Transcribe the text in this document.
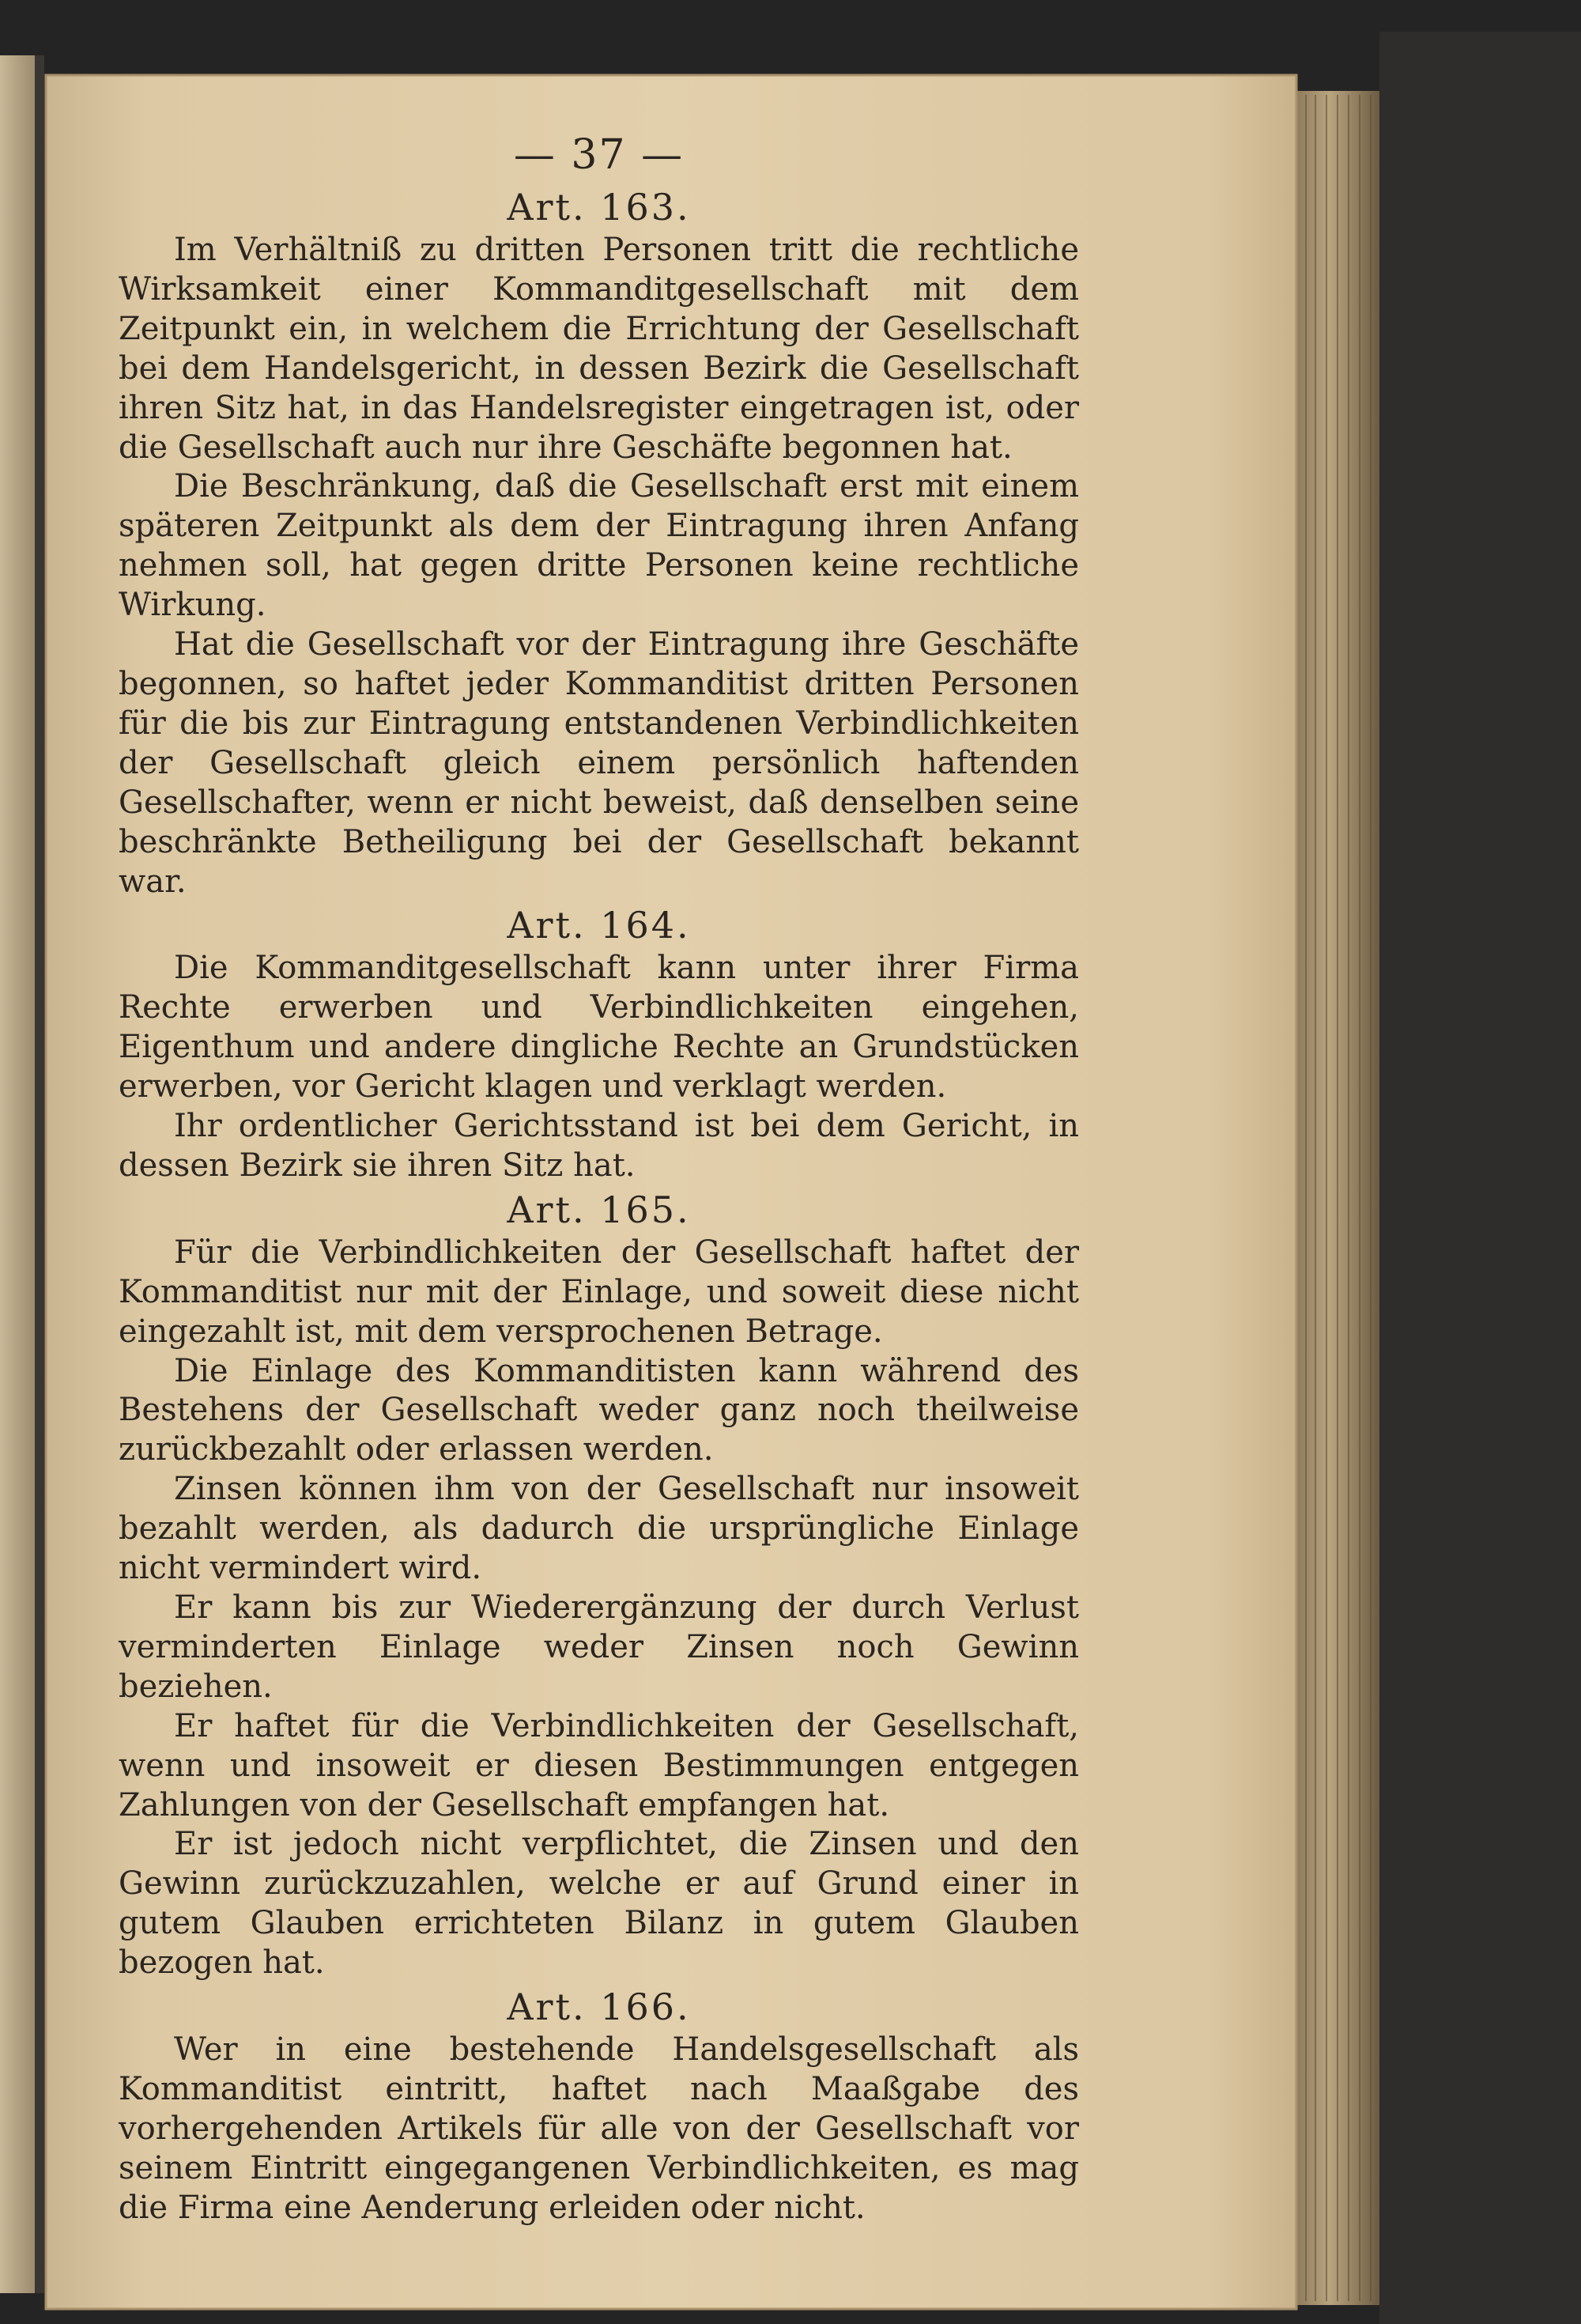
— 37 —

Art. 163.

Im Verhältniß zu dritten Personen tritt die rechtliche Wirksamkeit einer Kommanditgesellschaft mit dem Zeitpunkt ein, in welchem die Errichtung der Gesellschaft bei dem Handelsgericht, in dessen Bezirk die Gesellschaft ihren Sitz hat, in das Handelsregister eingetragen ist, oder die Gesellschaft auch nur ihre Geschäfte begonnen hat.

Die Beschränkung, daß die Gesellschaft erst mit einem späteren Zeitpunkt als dem der Eintragung ihren Anfang nehmen soll, hat gegen dritte Personen keine rechtliche Wirkung.

Hat die Gesellschaft vor der Eintragung ihre Geschäfte begonnen, so haftet jeder Kommanditist dritten Personen für die bis zur Eintragung entstandenen Verbindlichkeiten der Gesellschaft gleich einem persönlich haftenden Gesellschafter, wenn er nicht beweist, daß denselben seine beschränkte Betheiligung bei der Gesellschaft bekannt war.

Art. 164.

Die Kommanditgesellschaft kann unter ihrer Firma Rechte erwerben und Verbindlichkeiten eingehen, Eigenthum und andere dingliche Rechte an Grundstücken erwerben, vor Gericht klagen und verklagt werden.

Ihr ordentlicher Gerichtsstand ist bei dem Gericht, in dessen Bezirk sie ihren Sitz hat.

Art. 165.

Für die Verbindlichkeiten der Gesellschaft haftet der Kommanditist nur mit der Einlage, und soweit diese nicht eingezahlt ist, mit dem versprochenen Betrage.

Die Einlage des Kommanditisten kann während des Bestehens der Gesellschaft weder ganz noch theilweise zurückbezahlt oder erlassen werden.

Zinsen können ihm von der Gesellschaft nur insoweit bezahlt werden, als dadurch die ursprüngliche Einlage nicht vermindert wird.

Er kann bis zur Wiederergänzung der durch Verlust verminderten Einlage weder Zinsen noch Gewinn beziehen.

Er haftet für die Verbindlichkeiten der Gesellschaft, wenn und insoweit er diesen Bestimmungen entgegen Zahlungen von der Gesellschaft empfangen hat.

Er ist jedoch nicht verpflichtet, die Zinsen und den Gewinn zurückzuzahlen, welche er auf Grund einer in gutem Glauben errichteten Bilanz in gutem Glauben bezogen hat.

Art. 166.

Wer in eine bestehende Handelsgesellschaft als Kommanditist eintritt, haftet nach Maaßgabe des vorhergehenden Artikels für alle von der Gesellschaft vor seinem Eintritt eingegangenen Verbindlichkeiten, es mag die Firma eine Aenderung erleiden oder nicht.
